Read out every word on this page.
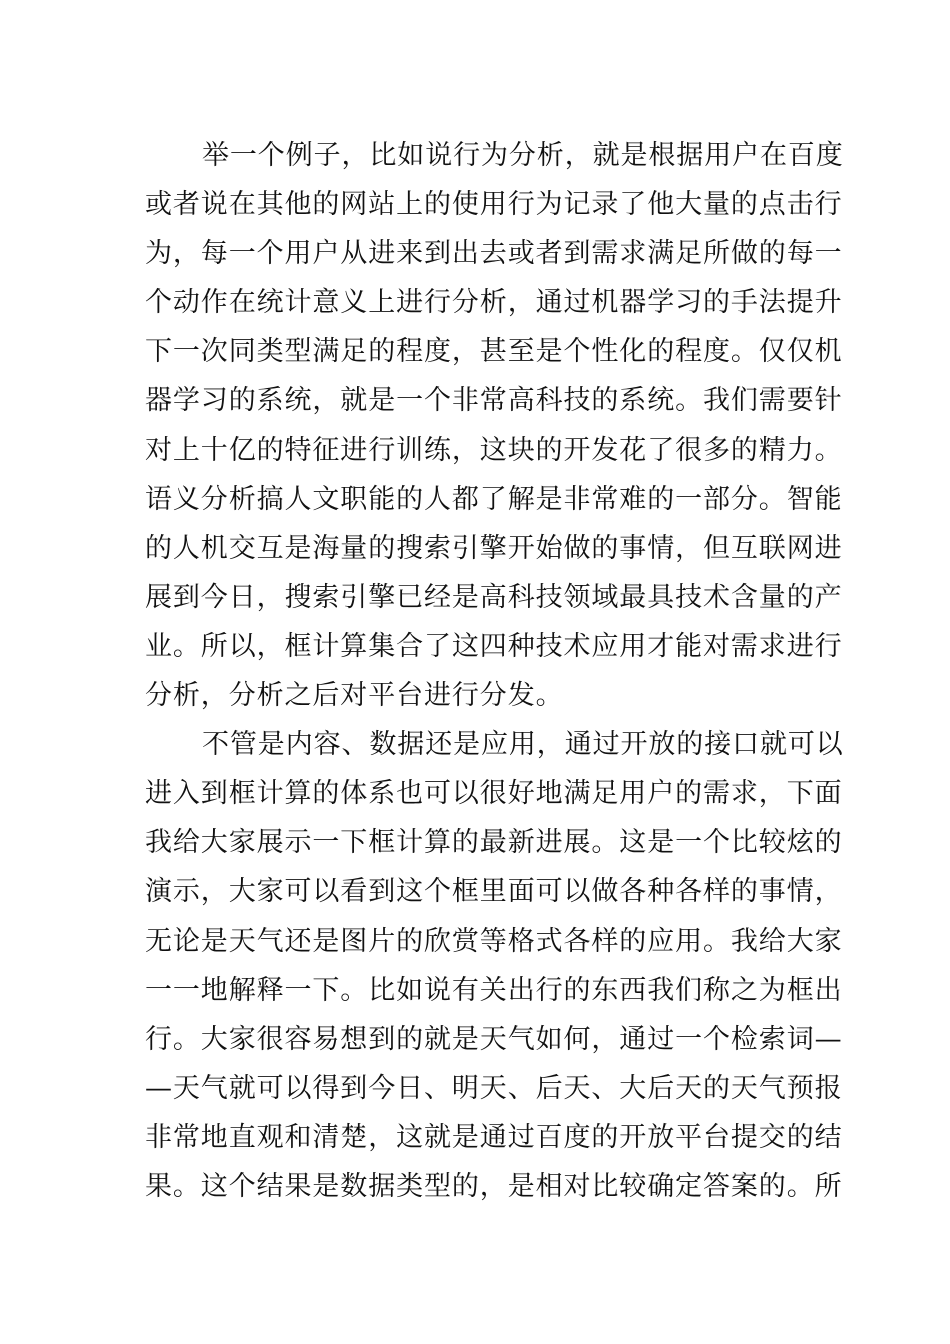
举一个例子，比如说行为分析，就是根据用户在百度
或者说在其他的网站上的使用行为记录了他大量的点击行
为，每一个用户从进来到出去或者到需求满足所做的每一
个动作在统计意义上进行分析，通过机器学习的手法提升
下一次同类型满足的程度，甚至是个性化的程度。仅仅机
器学习的系统，就是一个非常高科技的系统。我们需要针
对上十亿的特征进行训练，这块的开发花了很多的精力。
语义分析搞人文职能的人都了解是非常难的一部分。智能
的人机交互是海量的搜索引擎开始做的事情，但互联网进
展到今日，搜索引擎已经是高科技领域最具技术含量的产
业。所以，框计算集合了这四种技术应用才能对需求进行
分析，分析之后对平台进行分发。
不管是内容、数据还是应用，通过开放的接口就可以
进入到框计算的体系也可以很好地满足用户的需求，下面
我给大家展示一下框计算的最新进展。这是一个比较炫的
演示，大家可以看到这个框里面可以做各种各样的事情，
无论是天气还是图片的欣赏等格式各样的应用。我给大家
一一地解释一下。比如说有关出行的东西我们称之为框出
行。大家很容易想到的就是天气如何，通过一个检索词—
—天气就可以得到今日、明天、后天、大后天的天气预报
非常地直观和清楚，这就是通过百度的开放平台提交的结
果。这个结果是数据类型的，是相对比较确定答案的。所
